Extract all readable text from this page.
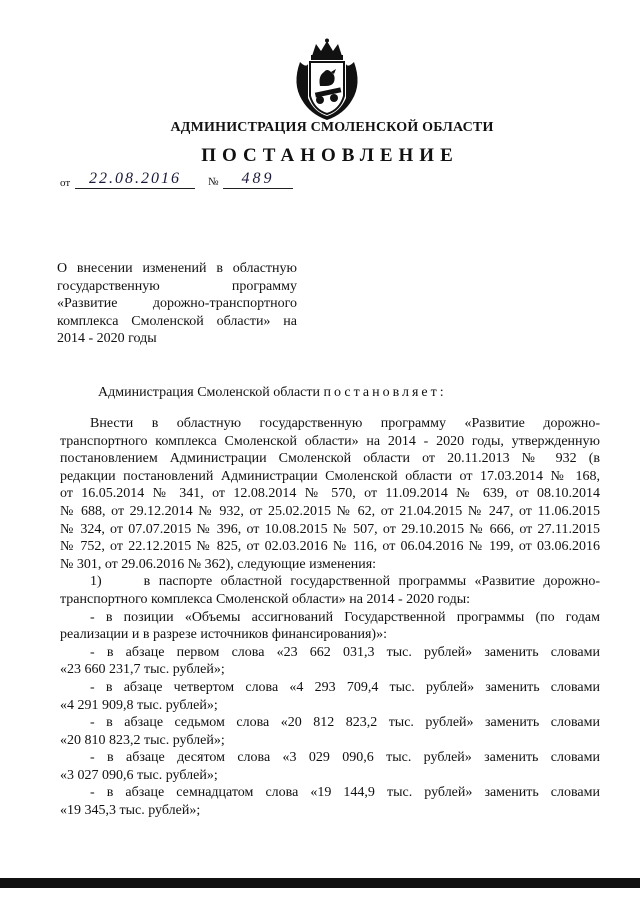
АДМИНИСТРАЦИЯ СМОЛЕНСКОЙ ОБЛАСТИ
ПОСТАНОВЛЕНИЕ
от	22.08.2016	№	489

О внесении изменений в областную
государственную программу
«Развитие дорожно-транспортного
комплекса Смоленской области» на
2014 - 2020 годы

Администрация Смоленской области постановляет:

Внести в областную государственную программу «Развитие дорожно-
транспортного комплекса Смоленской области» на 2014 - 2020 годы, утвержденную
постановлением Администрации Смоленской области от 20.11.2013 № 932 (в
редакции постановлений Администрации Смоленской области от 17.03.2014 № 168,
от 16.05.2014 № 341, от 12.08.2014 № 570, от 11.09.2014 № 639, от 08.10.2014
№ 688, от 29.12.2014 № 932, от 25.02.2015 № 62, от 21.04.2015 № 247, от 11.06.2015
№ 324, от 07.07.2015 № 396, от 10.08.2015 № 507, от 29.10.2015 № 666, от 27.11.2015
№ 752, от 22.12.2015 № 825, от 02.03.2016 № 116, от 06.04.2016 № 199, от 03.06.2016
№ 301, от 29.06.2016 № 362), следующие изменения:
1)     в паспорте областной государственной программы «Развитие дорожно-
транспортного комплекса Смоленской области» на 2014 - 2020 годы:
- в позиции «Объемы ассигнований Государственной программы (по годам
реализации и в разрезе источников финансирования)»:
- в абзаце первом слова «23 662 031,3 тыс. рублей» заменить словами
«23 660 231,7 тыс. рублей»;
- в абзаце четвертом слова «4 293 709,4 тыс. рублей» заменить словами
«4 291 909,8 тыс. рублей»;
- в абзаце седьмом слова «20 812 823,2 тыс. рублей» заменить словами
«20 810 823,2 тыс. рублей»;
- в абзаце десятом слова «3 029 090,6 тыс. рублей» заменить словами
«3 027 090,6 тыс. рублей»;
- в абзаце семнадцатом слова «19 144,9 тыс. рублей» заменить словами
«19 345,3 тыс. рублей»;
